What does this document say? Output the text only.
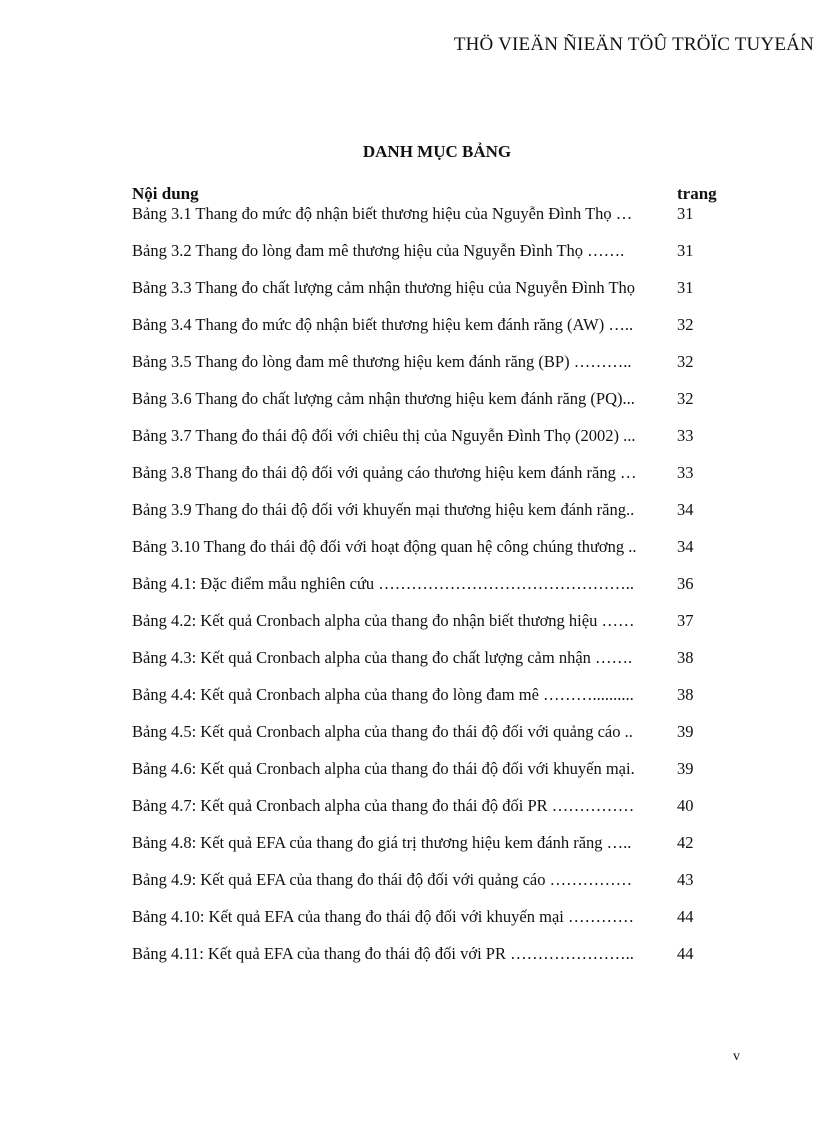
THÖ VIEÄN ÑIEÄN TÖÛ TRÖÏC TUYEÁN
DANH MỤC BẢNG
Nội dung	trang
Bảng 3.1 Thang đo mức độ nhận biết thương hiệu của Nguyễn Đình Thọ …	31
Bảng 3.2 Thang đo lòng đam mê thương hiệu của Nguyễn Đình Thọ …….	31
Bảng 3.3 Thang đo chất lượng cảm nhận thương hiệu của Nguyễn Đình Thọ	31
Bảng 3.4 Thang đo mức độ nhận biết thương hiệu kem đánh răng (AW) …..	32
Bảng 3.5 Thang đo lòng đam mê thương hiệu kem đánh răng (BP) ………..	32
Bảng 3.6 Thang đo chất lượng cảm nhận thương hiệu kem đánh răng (PQ)...	32
Bảng 3.7 Thang đo thái độ đối với chiêu thị của Nguyễn Đình Thọ (2002) ...	33
Bảng 3.8 Thang đo thái độ đối với quảng cáo thương hiệu kem đánh răng … 33
Bảng 3.9 Thang đo thái độ đối với khuyến mại thương hiệu kem đánh răng..	34
Bảng 3.10 Thang đo thái độ đối với hoạt động quan hệ công chúng thương .. 34
Bảng 4.1: Đặc điểm mẫu nghiên cứu ………………………………………..	36
Bảng 4.2: Kết quả Cronbach alpha của thang đo nhận biết thương hiệu ……	37
Bảng 4.3: Kết quả Cronbach alpha của thang đo chất lượng cảm nhận …….	38
Bảng 4.4: Kết quả Cronbach alpha của thang đo lòng đam mê ………..........	38
Bảng 4.5: Kết quả Cronbach alpha của thang đo thái độ đối với quảng cáo ..	39
Bảng 4.6: Kết quả Cronbach alpha của thang đo thái độ đối với khuyến mại.	39
Bảng 4.7: Kết quả Cronbach alpha của thang đo thái độ đối PR ……………	40
Bảng 4.8: Kết quả EFA của thang đo giá trị thương hiệu kem đánh răng …..	42
Bảng 4.9: Kết quả EFA của thang đo thái độ đối với quảng cáo ……………	43
Bảng 4.10: Kết quả EFA của thang đo thái độ đối với khuyến mại …………	44
Bảng 4.11: Kết quả EFA của thang đo thái độ đối với PR …………………..	44
v
